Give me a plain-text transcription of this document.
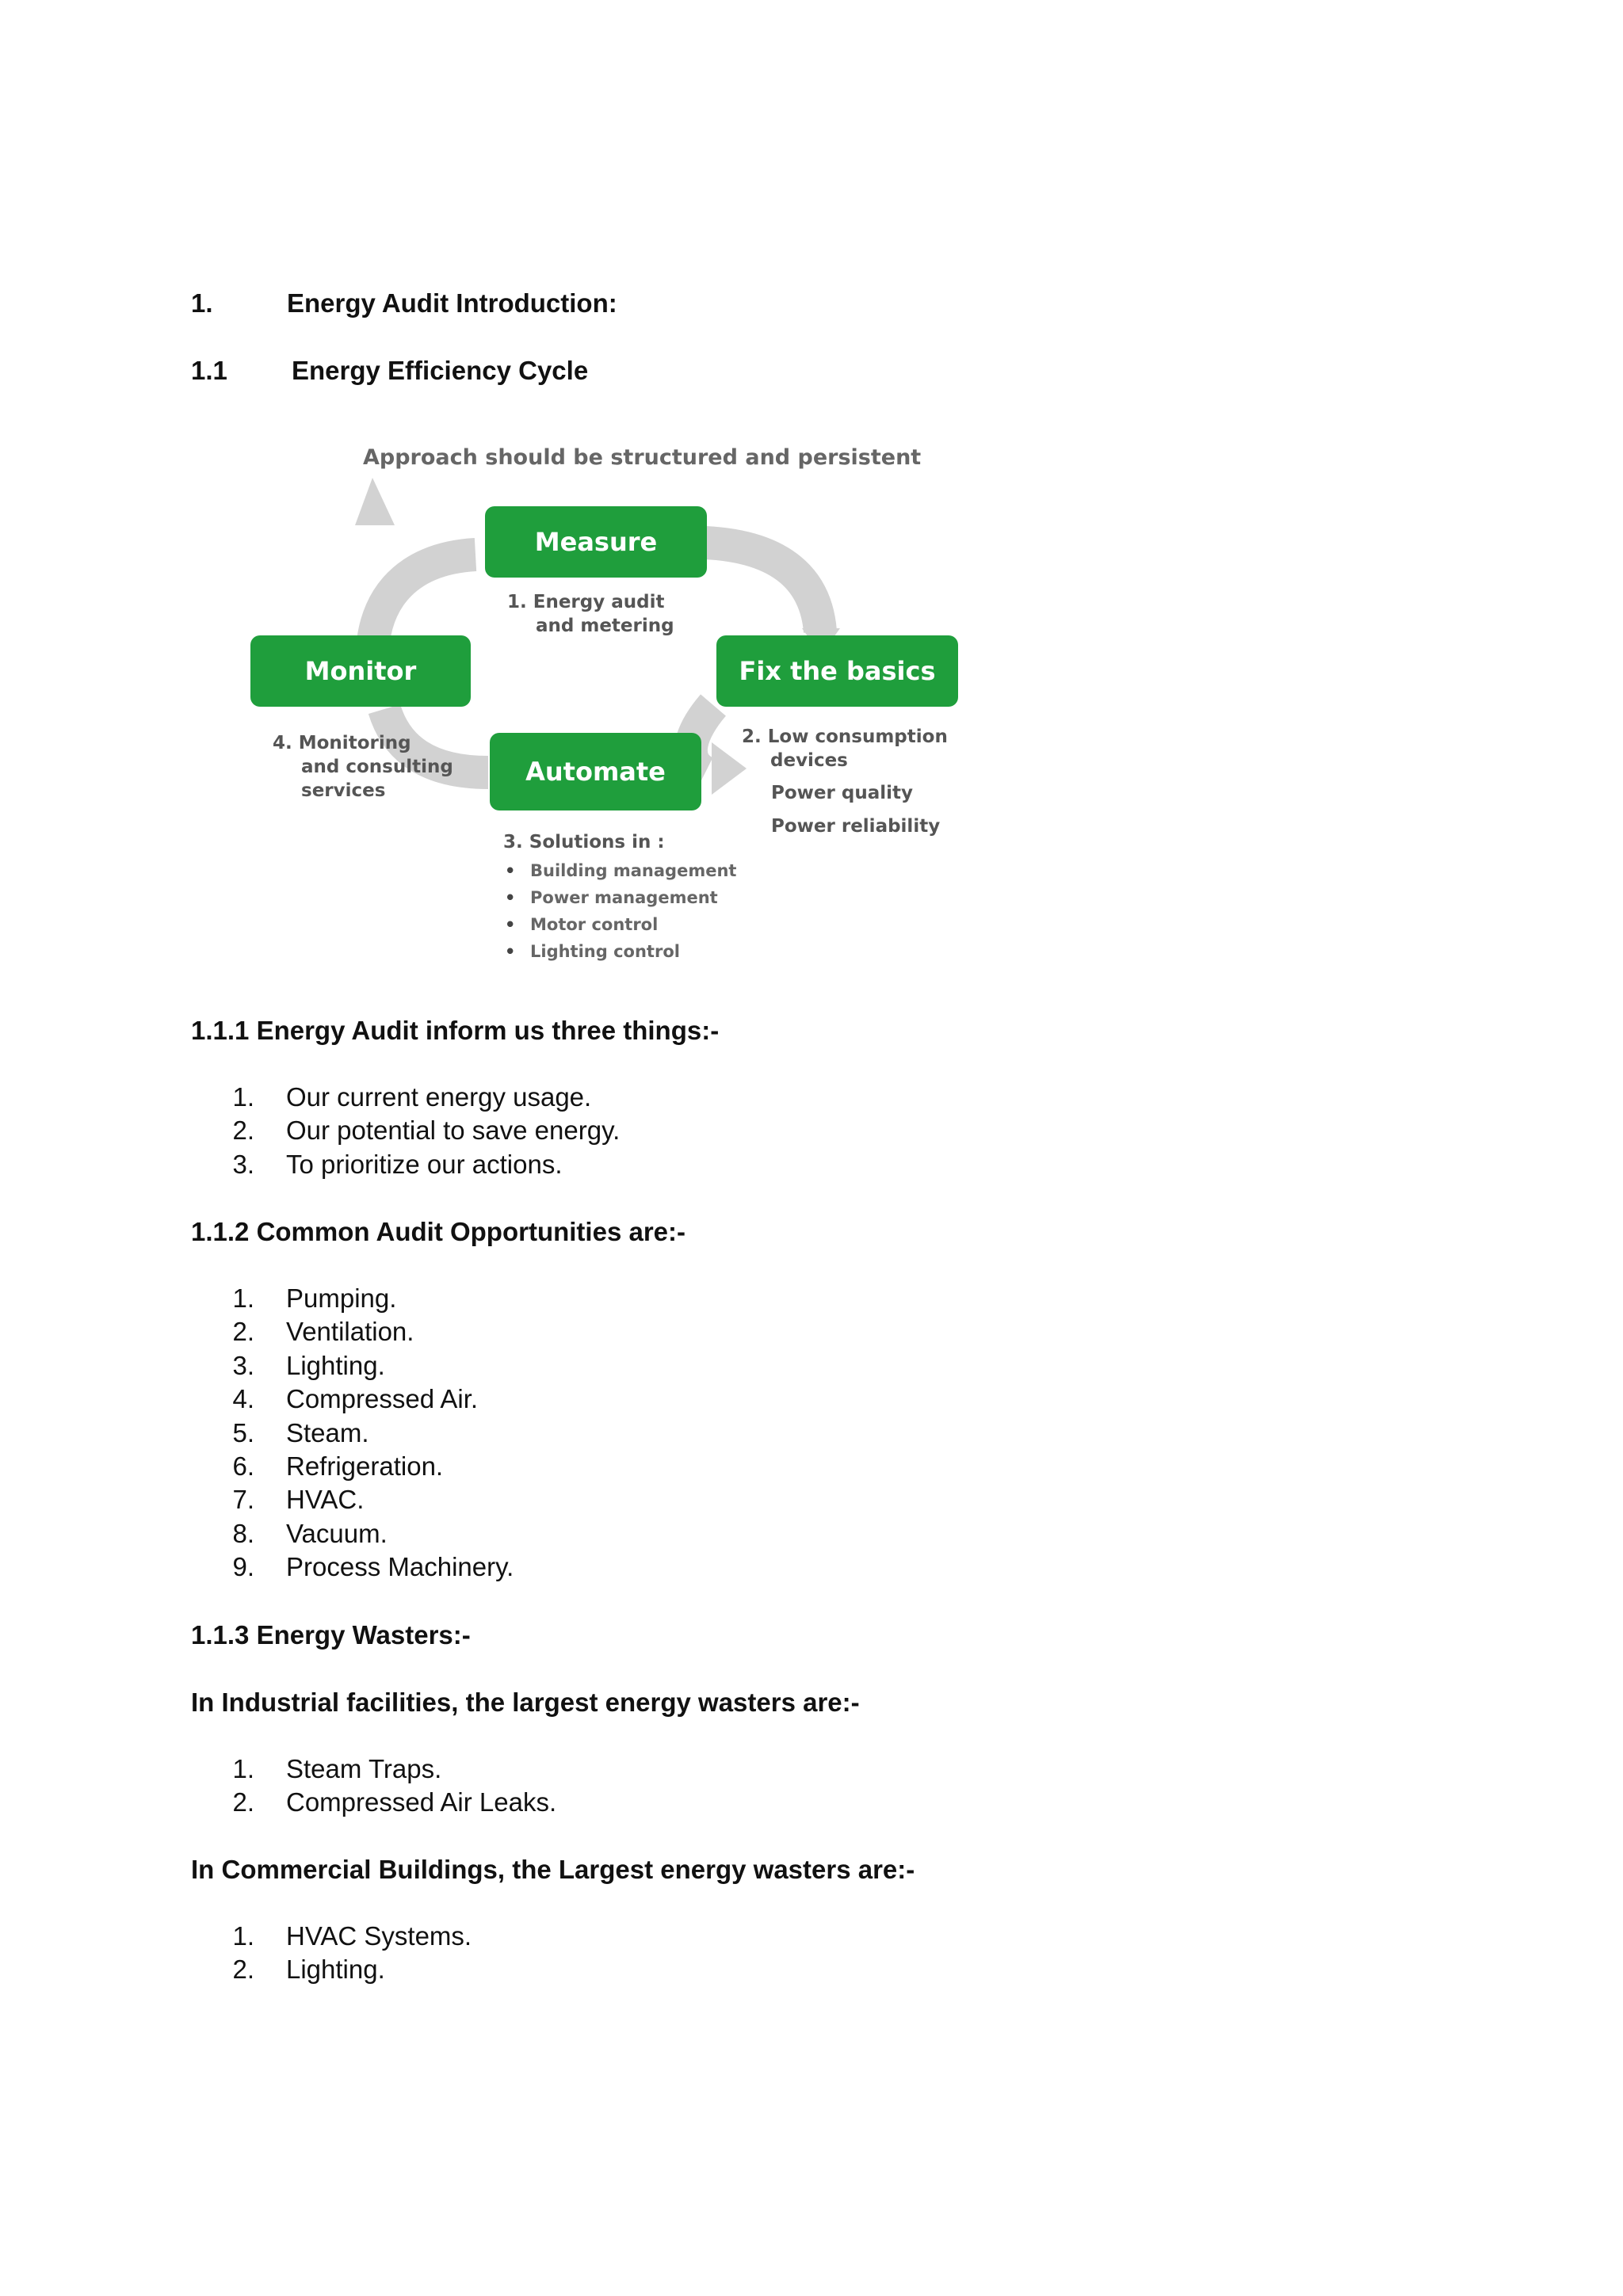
1.	Energy Audit Introduction:
1.1 Energy Efficiency Cycle
Approach should be structured and persistent
Measure
Monitor	Fix the basics
Automate
1. Energy audit
and metering
4. Monitoring
and consulting
services
2. Low consumption
devices
Power quality
Power reliability
3. Solutions in :
• Building management
• Power management
• Motor control
• Lighting control
1.1.1 Energy Audit inform us three things:-
1. Our current energy usage.
2. Our potential to save energy.
3. To prioritize our actions.
1.1.2 Common Audit Opportunities are:-
1. Pumping.
2. Ventilation.
3. Lighting.
4. Compressed Air.
5. Steam.
6. Refrigeration.
7. HVAC.
8. Vacuum.
9. Process Machinery.
1.1.3 Energy Wasters:-
In Industrial facilities, the largest energy wasters are:-
1. Steam Traps.
2. Compressed Air Leaks.
In Commercial Buildings, the Largest energy wasters are:-
1. HVAC Systems.
2. Lighting.
